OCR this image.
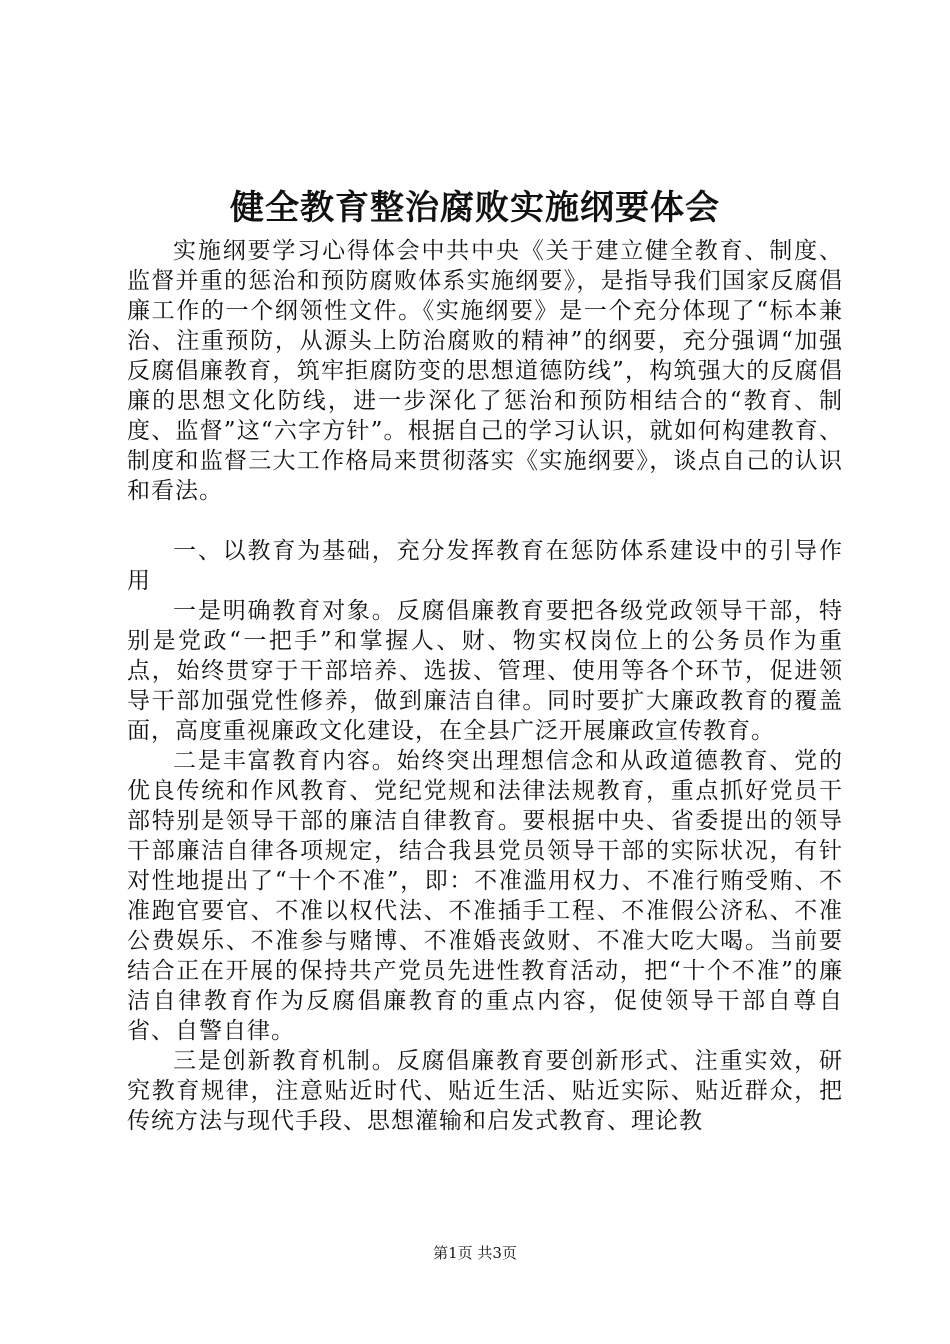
健全教育整治腐败实施纲要体会

实施纲要学习心得体会中共中央《关于建立健全教育、制度、监督并重的惩治和预防腐败体系实施纲要》，是指导我们国家反腐倡廉工作的一个纲领性文件。《实施纲要》是一个充分体现了“标本兼治、注重预防，从源头上防治腐败的精神”的纲要，充分强调“加强反腐倡廉教育，筑牢拒腐防变的思想道德防线”，构筑强大的反腐倡廉的思想文化防线，进一步深化了惩治和预防相结合的“教育、制度、监督”这“六字方针”。根据自己的学习认识，就如何构建教育、制度和监督三大工作格局来贯彻落实《实施纲要》，谈点自己的认识和看法。

一、以教育为基础，充分发挥教育在惩防体系建设中的引导作用

一是明确教育对象。反腐倡廉教育要把各级党政领导干部，特别是党政“一把手”和掌握人、财、物实权岗位上的公务员作为重点，始终贯穿于干部培养、选拔、管理、使用等各个环节，促进领导干部加强党性修养，做到廉洁自律。同时要扩大廉政教育的覆盖面，高度重视廉政文化建设，在全县广泛开展廉政宣传教育。

二是丰富教育内容。始终突出理想信念和从政道德教育、党的优良传统和作风教育、党纪党规和法律法规教育，重点抓好党员干部特别是领导干部的廉洁自律教育。要根据中央、省委提出的领导干部廉洁自律各项规定，结合我县党员领导干部的实际状况，有针对性地提出了“十个不准”，即：不准滥用权力、不准行贿受贿、不准跑官要官、不准以权代法、不准插手工程、不准假公济私、不准公费娱乐、不准参与赌博、不准婚丧敛财、不准大吃大喝。当前要结合正在开展的保持共产党员先进性教育活动，把“十个不准”的廉洁自律教育作为反腐倡廉教育的重点内容，促使领导干部自尊自省、自警自律。

三是创新教育机制。反腐倡廉教育要创新形式、注重实效，研究教育规律，注意贴近时代、贴近生活、贴近实际、贴近群众，把传统方法与现代手段、思想灌输和启发式教育、理论教

第1页 共3页
